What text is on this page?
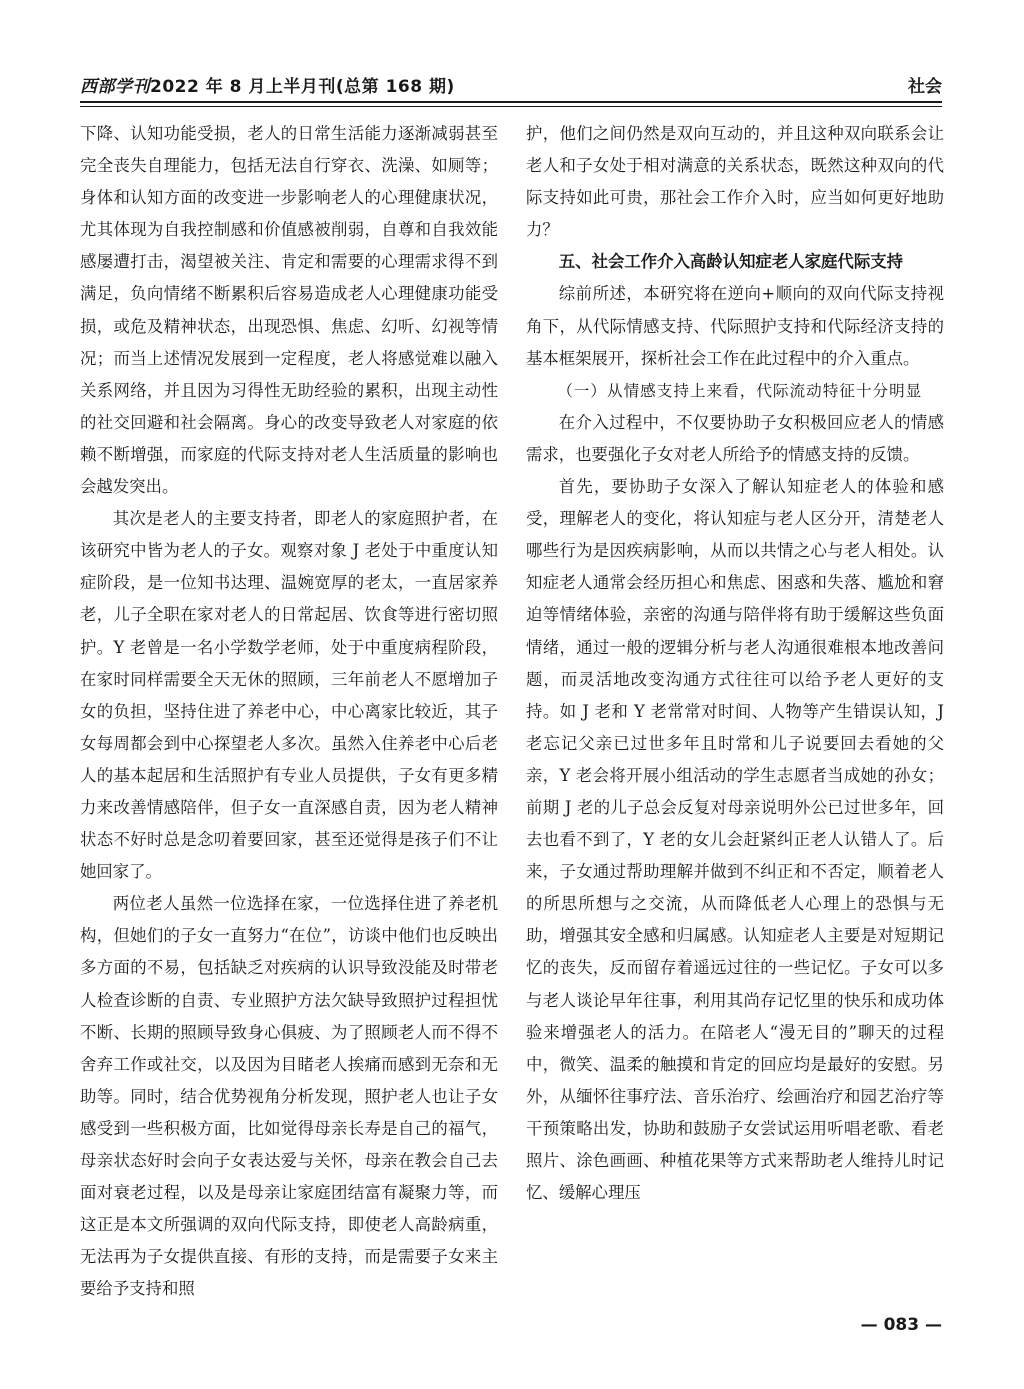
西部学刊2022 年 8 月上半月刊(总第 168 期)	社会

下降、认知功能受损，老人的日常生活能力逐渐减弱甚至完全丧失自理能力，包括无法自行穿衣、洗澡、如厕等；身体和认知方面的改变进一步影响老人的心理健康状况，尤其体现为自我控制感和价值感被削弱，自尊和自我效能感屡遭打击，渴望被关注、肯定和需要的心理需求得不到满足，负向情绪不断累积后容易造成老人心理健康功能受损，或危及精神状态，出现恐惧、焦虑、幻听、幻视等情况；而当上述情况发展到一定程度，老人将感觉难以融入关系网络，并且因为习得性无助经验的累积，出现主动性的社交回避和社会隔离。身心的改变导致老人对家庭的依赖不断增强，而家庭的代际支持对老人生活质量的影响也会越发突出。

其次是老人的主要支持者，即老人的家庭照护者，在该研究中皆为老人的子女。观察对象 J 老处于中重度认知症阶段，是一位知书达理、温婉宽厚的老太，一直居家养老，儿子全职在家对老人的日常起居、饮食等进行密切照护。Y 老曾是一名小学数学老师，处于中重度病程阶段，在家时同样需要全天无休的照顾，三年前老人不愿增加子女的负担，坚持住进了养老中心，中心离家比较近，其子女每周都会到中心探望老人多次。虽然入住养老中心后老人的基本起居和生活照护有专业人员提供，子女有更多精力来改善情感陪伴，但子女一直深感自责，因为老人精神状态不好时总是念叨着要回家，甚至还觉得是孩子们不让她回家了。

两位老人虽然一位选择在家，一位选择住进了养老机构，但她们的子女一直努力“在位”，访谈中他们也反映出多方面的不易，包括缺乏对疾病的认识导致没能及时带老人检查诊断的自责、专业照护方法欠缺导致照护过程担忧不断、长期的照顾导致身心俱疲、为了照顾老人而不得不舍弃工作或社交，以及因为目睹老人挨痛而感到无奈和无助等。同时，结合优势视角分析发现，照护老人也让子女感受到一些积极方面，比如觉得母亲长寿是自己的福气，母亲状态好时会向子女表达爱与关怀，母亲在教会自己去面对衰老过程，以及是母亲让家庭团结富有凝聚力等，而这正是本文所强调的双向代际支持，即使老人高龄病重，无法再为子女提供直接、有形的支持，而是需要子女来主要给予支持和照

护，他们之间仍然是双向互动的，并且这种双向联系会让老人和子女处于相对满意的关系状态，既然这种双向的代际支持如此可贵，那社会工作介入时，应当如何更好地助力？

五、社会工作介入高龄认知症老人家庭代际支持

综前所述，本研究将在逆向+顺向的双向代际支持视角下，从代际情感支持、代际照护支持和代际经济支持的基本框架展开，探析社会工作在此过程中的介入重点。

（一）从情感支持上来看，代际流动特征十分明显

在介入过程中，不仅要协助子女积极回应老人的情感需求，也要强化子女对老人所给予的情感支持的反馈。

首先，要协助子女深入了解认知症老人的体验和感受，理解老人的变化，将认知症与老人区分开，清楚老人哪些行为是因疾病影响，从而以共情之心与老人相处。认知症老人通常会经历担心和焦虑、困惑和失落、尴尬和窘迫等情绪体验，亲密的沟通与陪伴将有助于缓解这些负面情绪，通过一般的逻辑分析与老人沟通很难根本地改善问题，而灵活地改变沟通方式往往可以给予老人更好的支持。如 J 老和 Y 老常常对时间、人物等产生错误认知，J 老忘记父亲已过世多年且时常和儿子说要回去看她的父亲，Y 老会将开展小组活动的学生志愿者当成她的孙女；前期 J 老的儿子总会反复对母亲说明外公已过世多年，回去也看不到了，Y 老的女儿会赶紧纠正老人认错人了。后来，子女通过帮助理解并做到不纠正和不否定，顺着老人的所思所想与之交流，从而降低老人心理上的恐惧与无助，增强其安全感和归属感。认知症老人主要是对短期记忆的丧失，反而留存着遥远过往的一些记忆。子女可以多与老人谈论早年往事，利用其尚存记忆里的快乐和成功体验来增强老人的活力。在陪老人“漫无目的”聊天的过程中，微笑、温柔的触摸和肯定的回应均是最好的安慰。另外，从缅怀往事疗法、音乐治疗、绘画治疗和园艺治疗等干预策略出发，协助和鼓励子女尝试运用听唱老歌、看老照片、涂色画画、种植花果等方式来帮助老人维持儿时记忆、缓解心理压

— 083 —
